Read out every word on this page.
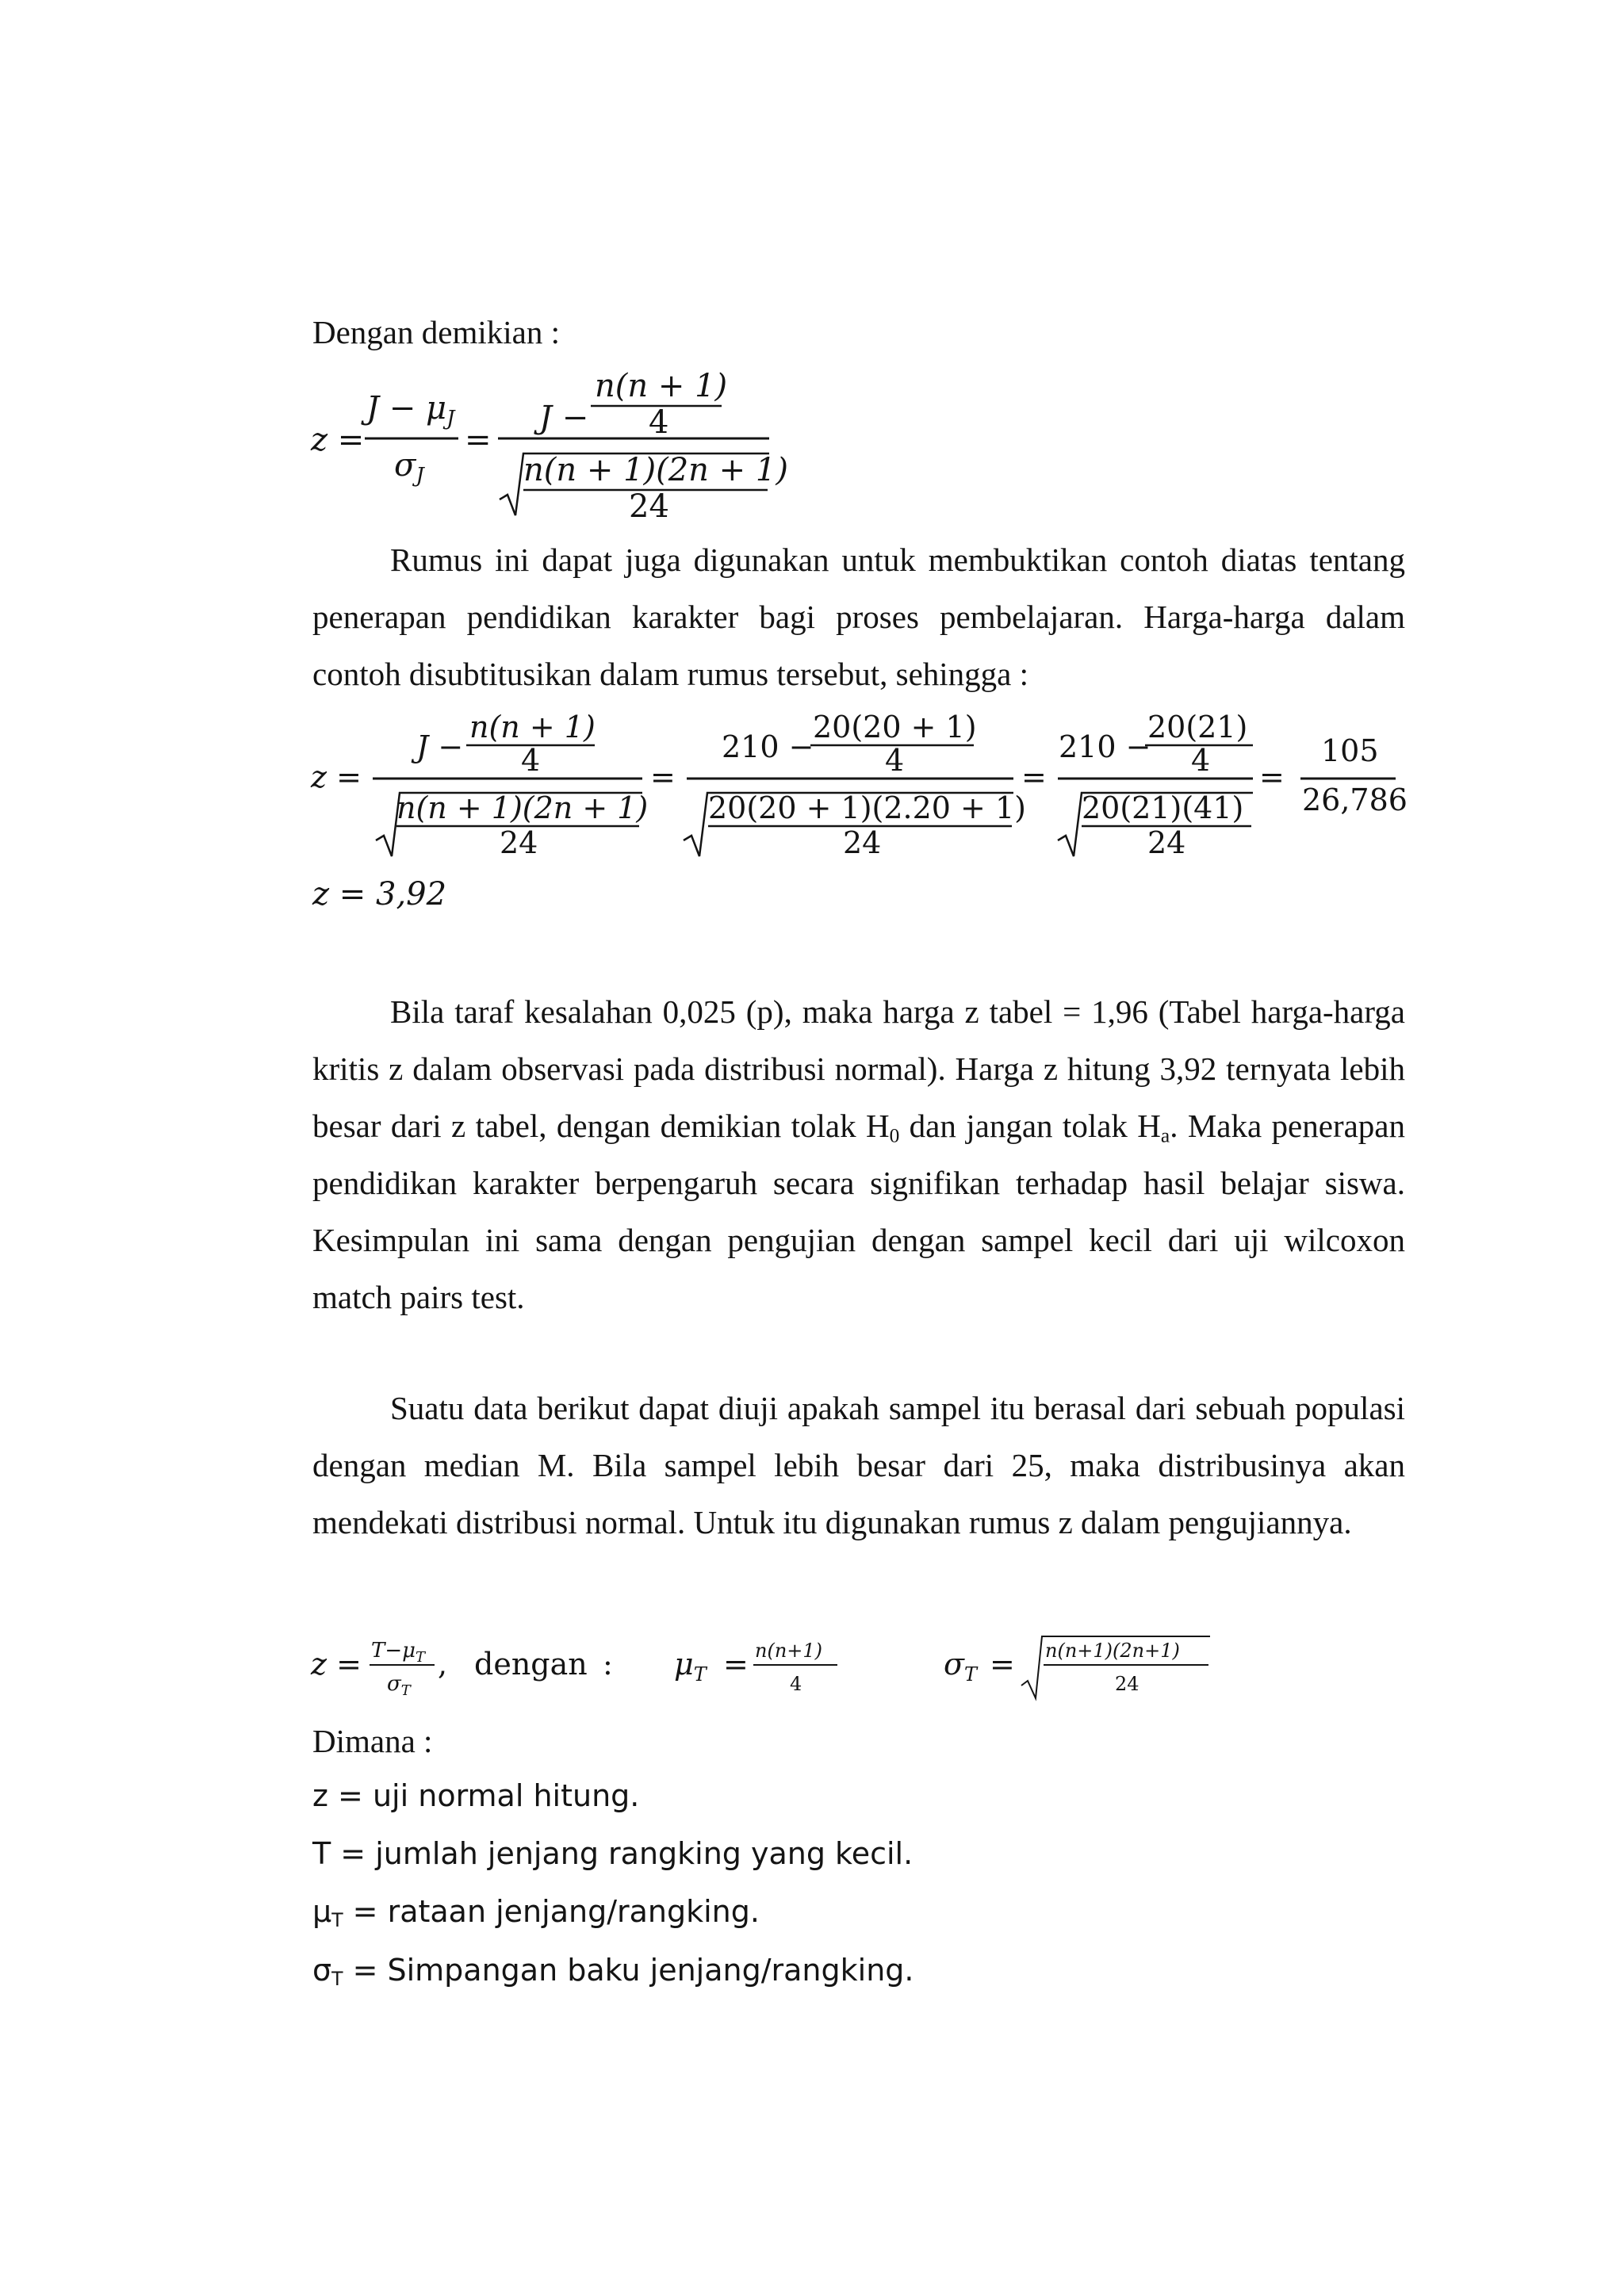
Dengan demikian :
z =
$J - \mu_J$
$\sigma_J$
=
J −
n(n + 1)
4
n(n + 1)(2n + 1)
24
Rumus ini dapat juga digunakan untuk membuktikan contoh diatas tentang penerapan pendidikan karakter bagi proses pembelajaran. Harga-harga dalam contoh disubtitusikan dalam rumus tersebut, sehingga :
z =
J −
n(n + 1)
4
n(n + 1)(2n + 1)
24
=
210 −
20(20 + 1)
4
20(20 + 1)(2.20 + 1)
24
=
210 −
20(21)
4
20(21)(41)
24
=
105
26,786
z = 3,92
Bila taraf kesalahan 0,025 (p), maka harga z tabel = 1,96 (Tabel harga-harga kritis z dalam observasi pada distribusi normal). Harga z hitung 3,92 ternyata lebih besar dari z tabel, dengan demikian tolak H0 dan jangan tolak Ha. Maka penerapan pendidikan karakter berpengaruh secara signifikan terhadap hasil belajar siswa. Kesimpulan ini sama dengan pengujian dengan sampel kecil dari uji wilcoxon match pairs test.
Suatu data berikut dapat diuji apakah sampel itu berasal dari sebuah populasi dengan median M. Bila sampel lebih besar dari 25, maka distribusinya akan mendekati distribusi normal. Untuk itu digunakan rumus z dalam pengujiannya.
$z = T-\mu_T$
$\sigma_T$
, dengan : $\mu_T = n(n+1)$
4
$\sigma_T = n(n+1)(2n+1)$
24
Dimana :
z = uji normal hitung.
T = jumlah jenjang rangking yang kecil.
μT = rataan jenjang/rangking.
σT = Simpangan baku jenjang/rangking.
